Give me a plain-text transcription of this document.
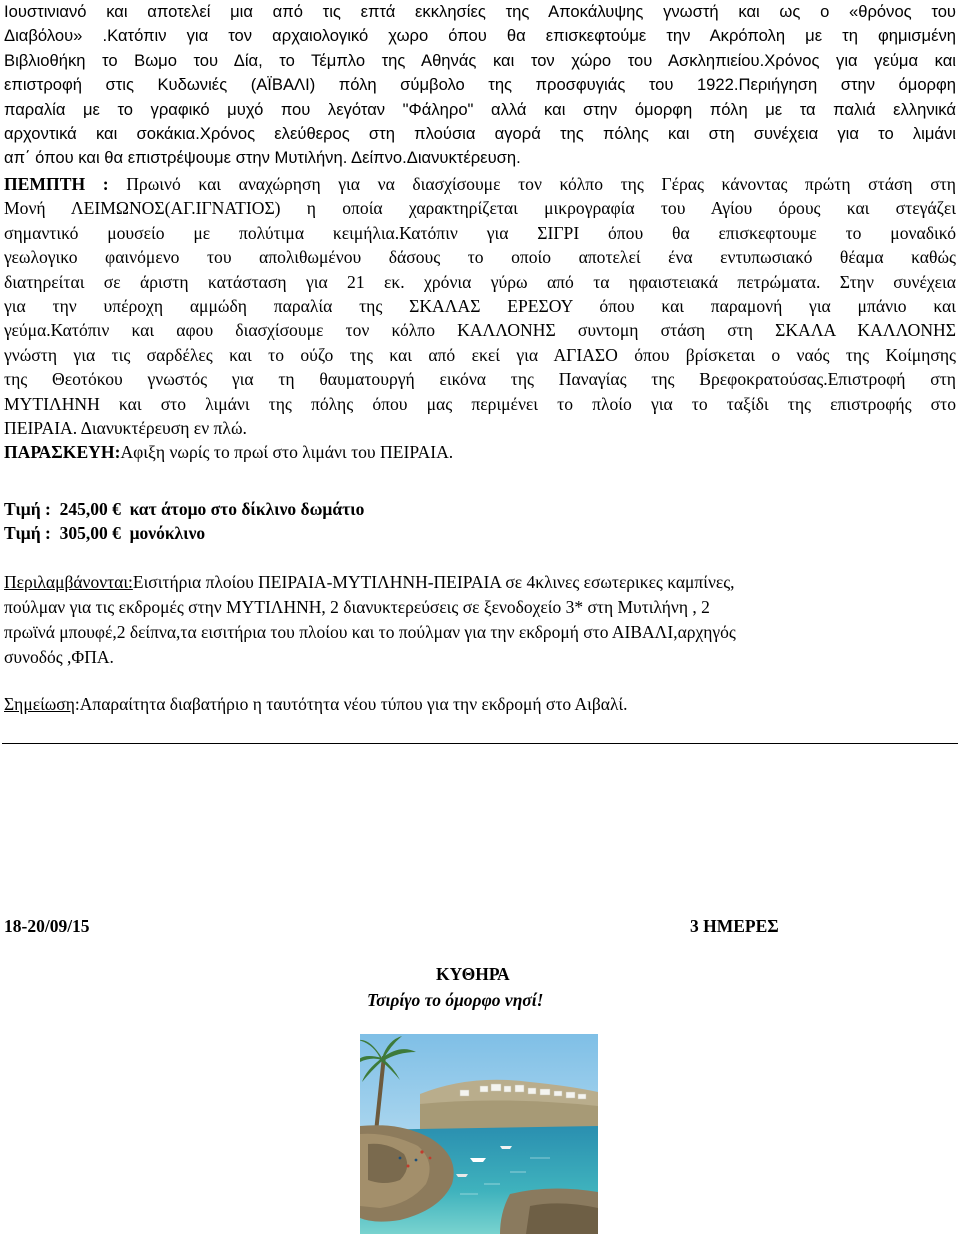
Ιουστινιανό και αποτελεί μια από τις επτά εκκλησίες της Αποκάλυψης γνωστή και ως ο «θρόνος του
Διαβόλου» .Κατόπιν για τον αρχαιολογικό χωρο όπου θα επισκεφτούμε την Ακρόπολη με τη φημισμένη
Βιβλιοθήκη το Βωμο του Δία, το Τέμπλο της Αθηνάς και τον χώρο του Ασκληπιείου.Χρόνος για γεύμα και
επιστροφή στις Κυδωνιές (ΑΪΒΑΛΙ) πόλη σύμβολο της προσφυγιάς του 1922.Περιήγηση στην όμορφη
παραλία με το γραφικό μυχό που λεγόταν "Φάληρο" αλλά και στην όμορφη πόλη με τα παλιά ελληνικά
αρχοντικά και σοκάκια.Χρόνος ελεύθερος στη πλούσια αγορά της πόλης και στη συνέχεια για το λιμάνι
απ΄ όπου και θα επιστρέψουμε στην Μυτιλήνη. Δείπνο.Διανυκτέρευση.
ΠΕΜΠΤΗ : Πρωινό και αναχώρηση για να διασχίσουμε τον κόλπο της Γέρας κάνοντας πρώτη στάση στη
Μονή ΛΕΙΜΩΝΟΣ(ΑΓ.ΙΓΝΑΤΙΟΣ) η οποία χαρακτηρίζεται μικρογραφία του Αγίου όρους και στεγάζει
σημαντικό μουσείο με πολύτιμα κειμήλια.Κατόπιν για ΣΙΓΡΙ όπου θα επισκεφτουμε το μοναδικό
γεωλογικο φαινόμενο του απολιθωμένου δάσους το οποίο αποτελεί ένα εντυπωσιακό θέαμα καθώς
διατηρείται σε άριστη κατάσταση για 21 εκ. χρόνια γύρω από τα ηφαιστειακά πετρώματα. Στην συνέχεια
για την υπέροχη αμμώδη παραλία της ΣΚΑΛΑΣ ΕΡΕΣΟΥ όπου και παραμονή για μπάνιο και
γεύμα.Κατόπιν και αφου διασχίσουμε τον κόλπο ΚΑΛΛΟΝΗΣ συντομη στάση στη ΣΚΑΛΑ ΚΑΛΛΟΝΗΣ
γνώστη για τις σαρδέλες και το ούζο της και από εκεί για ΑΓΙΑΣΟ όπου βρίσκεται ο ναός της Κοίμησης
της Θεοτόκου γνωστός για τη θαυματουργή εικόνα της Παναγίας της Βρεφοκρατούσας.Επιστροφή στη
ΜΥΤΙΛΗΝΗ και στο λιμάνι της πόλης όπου μας περιμένει το πλοίο για το ταξίδι της επιστροφής στο
ΠΕΙΡΑΙΑ. Διανυκτέρευση εν πλώ.
ΠΑΡΑΣΚΕΥΗ:Αφιξη νωρίς το πρωί στο λιμάνι του ΠΕΙΡΑΙΑ.
Τιμή : 245,00 € κατ άτομο στο δίκλινο δωμάτιο
Τιμή : 305,00 € μονόκλινο
Περιλαμβάνονται:Εισιτήρια πλοίου ΠΕΙΡΑΙΑ-ΜΥΤΙΛΗΝΗ-ΠΕΙΡΑΙΑ σε 4κλινες εσωτερικες καμπίνες,
πούλμαν για τις εκδρομές στην ΜΥΤΙΛΗΝΗ, 2 διανυκτερεύσεις σε ξενοδοχείο 3* στη Μυτιλήνη , 2
πρωϊνά μπουφέ,2 δείπνα,τα εισιτήρια του πλοίου και το πούλμαν για την εκδρομή στο ΑΙΒΑΛΙ,αρχηγός
συνοδός ,ΦΠΑ.
Σημείωση:Απαραίτητα διαβατήριο η ταυτότητα νέου τύπου για την εκδρομή στο Αιβαλί.
18-20/09/15	3 ΗΜΕΡΕΣ
ΚΥΘΗΡΑ
Τσιρίγο το όμορφο νησί!
